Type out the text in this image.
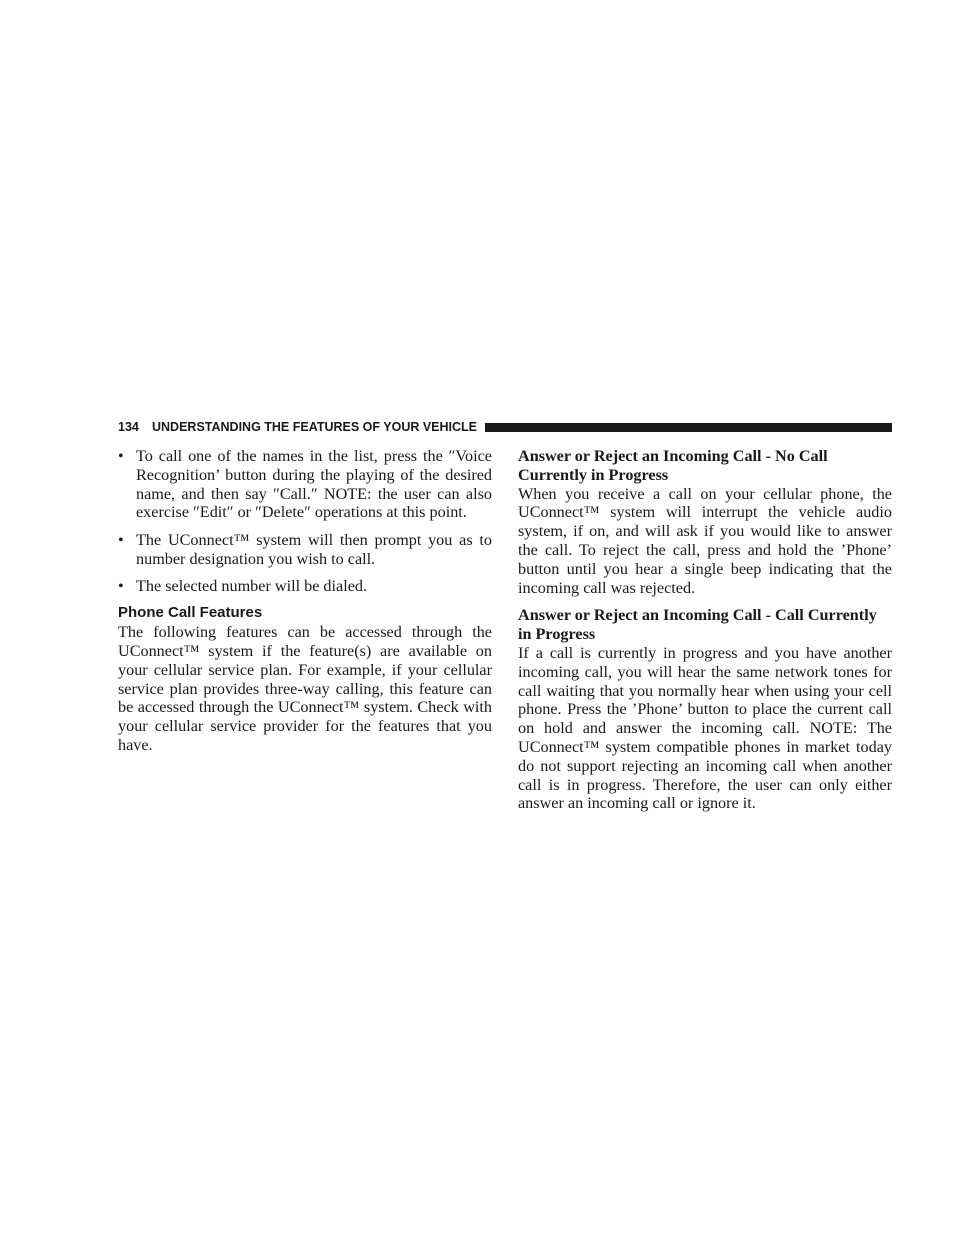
134 UNDERSTANDING THE FEATURES OF YOUR VEHICLE
• To call one of the names in the list, press the ″Voice Recognition’ button during the playing of the desired name, and then say ″Call.″ NOTE: the user can also exercise ″Edit″ or ″Delete″ operations at this point.
• The UConnect™ system will then prompt you as to number designation you wish to call.
• The selected number will be dialed.
Phone Call Features

The following features can be accessed through the UConnect™ system if the feature(s) are available on your cellular service plan. For example, if your cellular service plan provides three-way calling, this feature can be accessed through the UConnect™ system. Check with your cellular service provider for the features that you have.

Answer or Reject an Incoming Call - No Call Currently in Progress

When you receive a call on your cellular phone, the UConnect™ system will interrupt the vehicle audio system, if on, and will ask if you would like to answer the call. To reject the call, press and hold the ’Phone’ button until you hear a single beep indicating that the incoming call was rejected.

Answer or Reject an Incoming Call - Call Currently in Progress

If a call is currently in progress and you have another incoming call, you will hear the same network tones for call waiting that you normally hear when using your cell phone. Press the ’Phone’ button to place the current call on hold and answer the incoming call. NOTE: The UConnect™ system compatible phones in market today do not support rejecting an incoming call when another call is in progress. Therefore, the user can only either answer an incoming call or ignore it.
